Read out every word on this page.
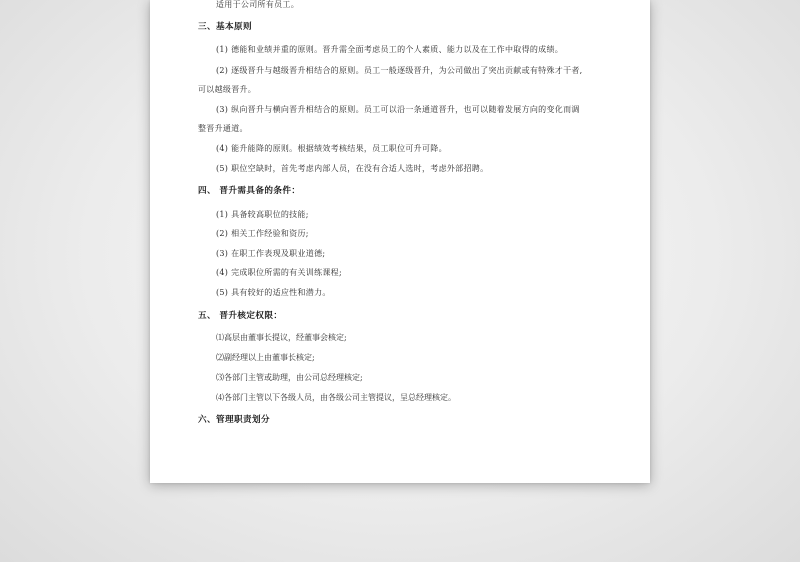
适用于公司所有员工。
三、基本原则
(1) 德能和业绩并重的原则。晋升需全面考虑员工的个人素质、能力以及在工作中取得的成绩。
(2) 逐级晋升与越级晋升相结合的原则。员工一般逐级晋升，为公司做出了突出贡献或有特殊才干者,
可以越级晋升。
(3) 纵向晋升与横向晋升相结合的原则。员工可以沿一条通道晋升，也可以随着发展方向的变化而调
整晋升通道。
(4) 能升能降的原则。根据绩效考核结果，员工职位可升可降。
(5) 职位空缺时，首先考虑内部人员，在没有合适人选时，考虑外部招聘。
四、 晋升需具备的条件：
(1) 具备较高职位的技能;
(2) 相关工作经验和资历;
(3) 在职工作表现及职业道德;
(4) 完成职位所需的有关训练课程;
(5) 具有较好的适应性和潜力。
五、 晋升核定权限：
⑴高层由董事长提议，经董事会核定;
⑵副经理以上由董事长核定;
⑶各部门主管或助理，由公司总经理核定;
⑷各部门主管以下各级人员，由各级公司主管提议，呈总经理核定。
六、管理职责划分
